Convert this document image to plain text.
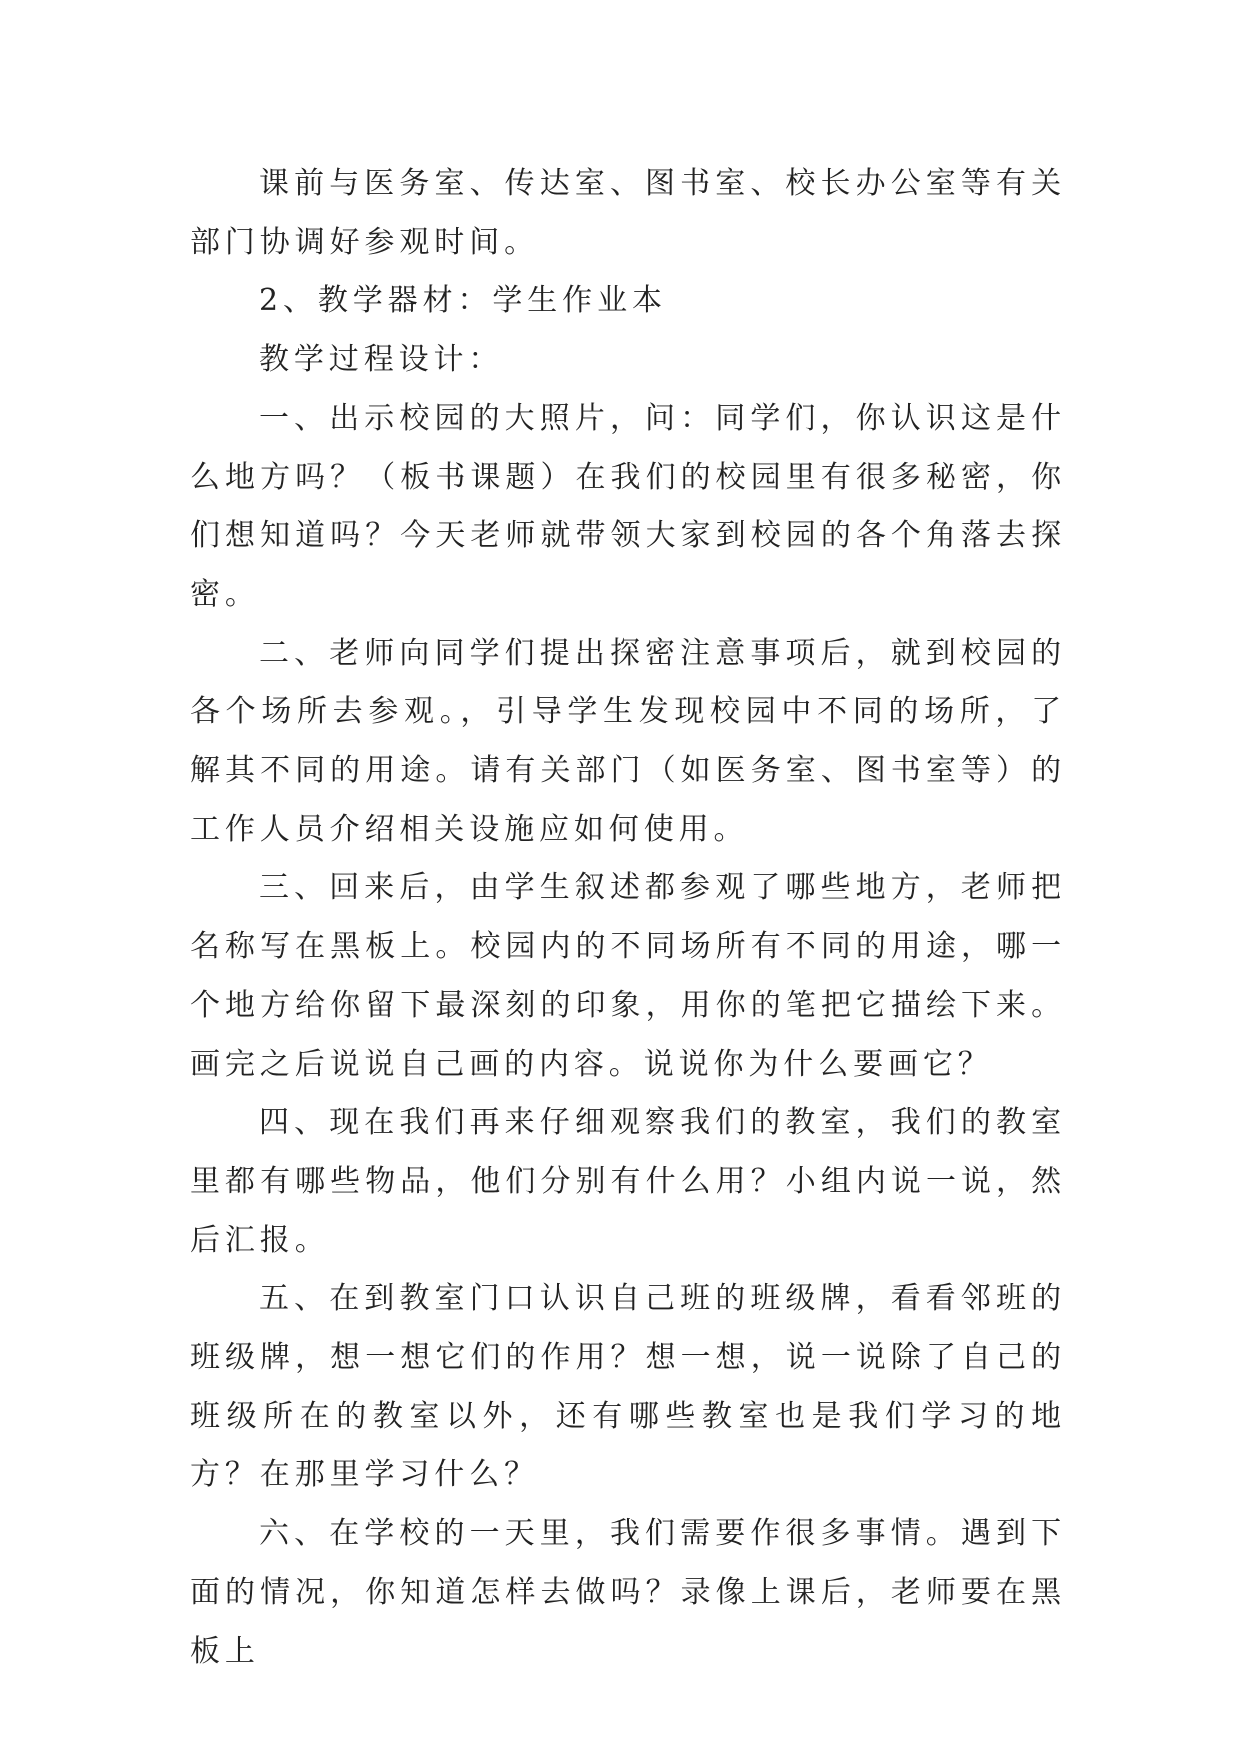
课前与医务室、传达室、图书室、校长办公室等有关部门协调好参观时间。

2、教学器材：学生作业本

教学过程设计：

一、出示校园的大照片，问：同学们，你认识这是什么地方吗？（板书课题）在我们的校园里有很多秘密，你们想知道吗？今天老师就带领大家到校园的各个角落去探密。

二、老师向同学们提出探密注意事项后，就到校园的各个场所去参观。，引导学生发现校园中不同的场所，了解其不同的用途。请有关部门（如医务室、图书室等）的工作人员介绍相关设施应如何使用。

三、回来后，由学生叙述都参观了哪些地方，老师把名称写在黑板上。校园内的不同场所有不同的用途，哪一个地方给你留下最深刻的印象，用你的笔把它描绘下来。画完之后说说自己画的内容。说说你为什么要画它？

四、现在我们再来仔细观察我们的教室，我们的教室里都有哪些物品，他们分别有什么用？小组内说一说，然后汇报。

五、在到教室门口认识自己班的班级牌，看看邻班的班级牌，想一想它们的作用？想一想，说一说除了自己的班级所在的教室以外，还有哪些教室也是我们学习的地方？在那里学习什么？

六、在学校的一天里，我们需要作很多事情。遇到下面的情况，你知道怎样去做吗？录像上课后，老师要在黑板上
